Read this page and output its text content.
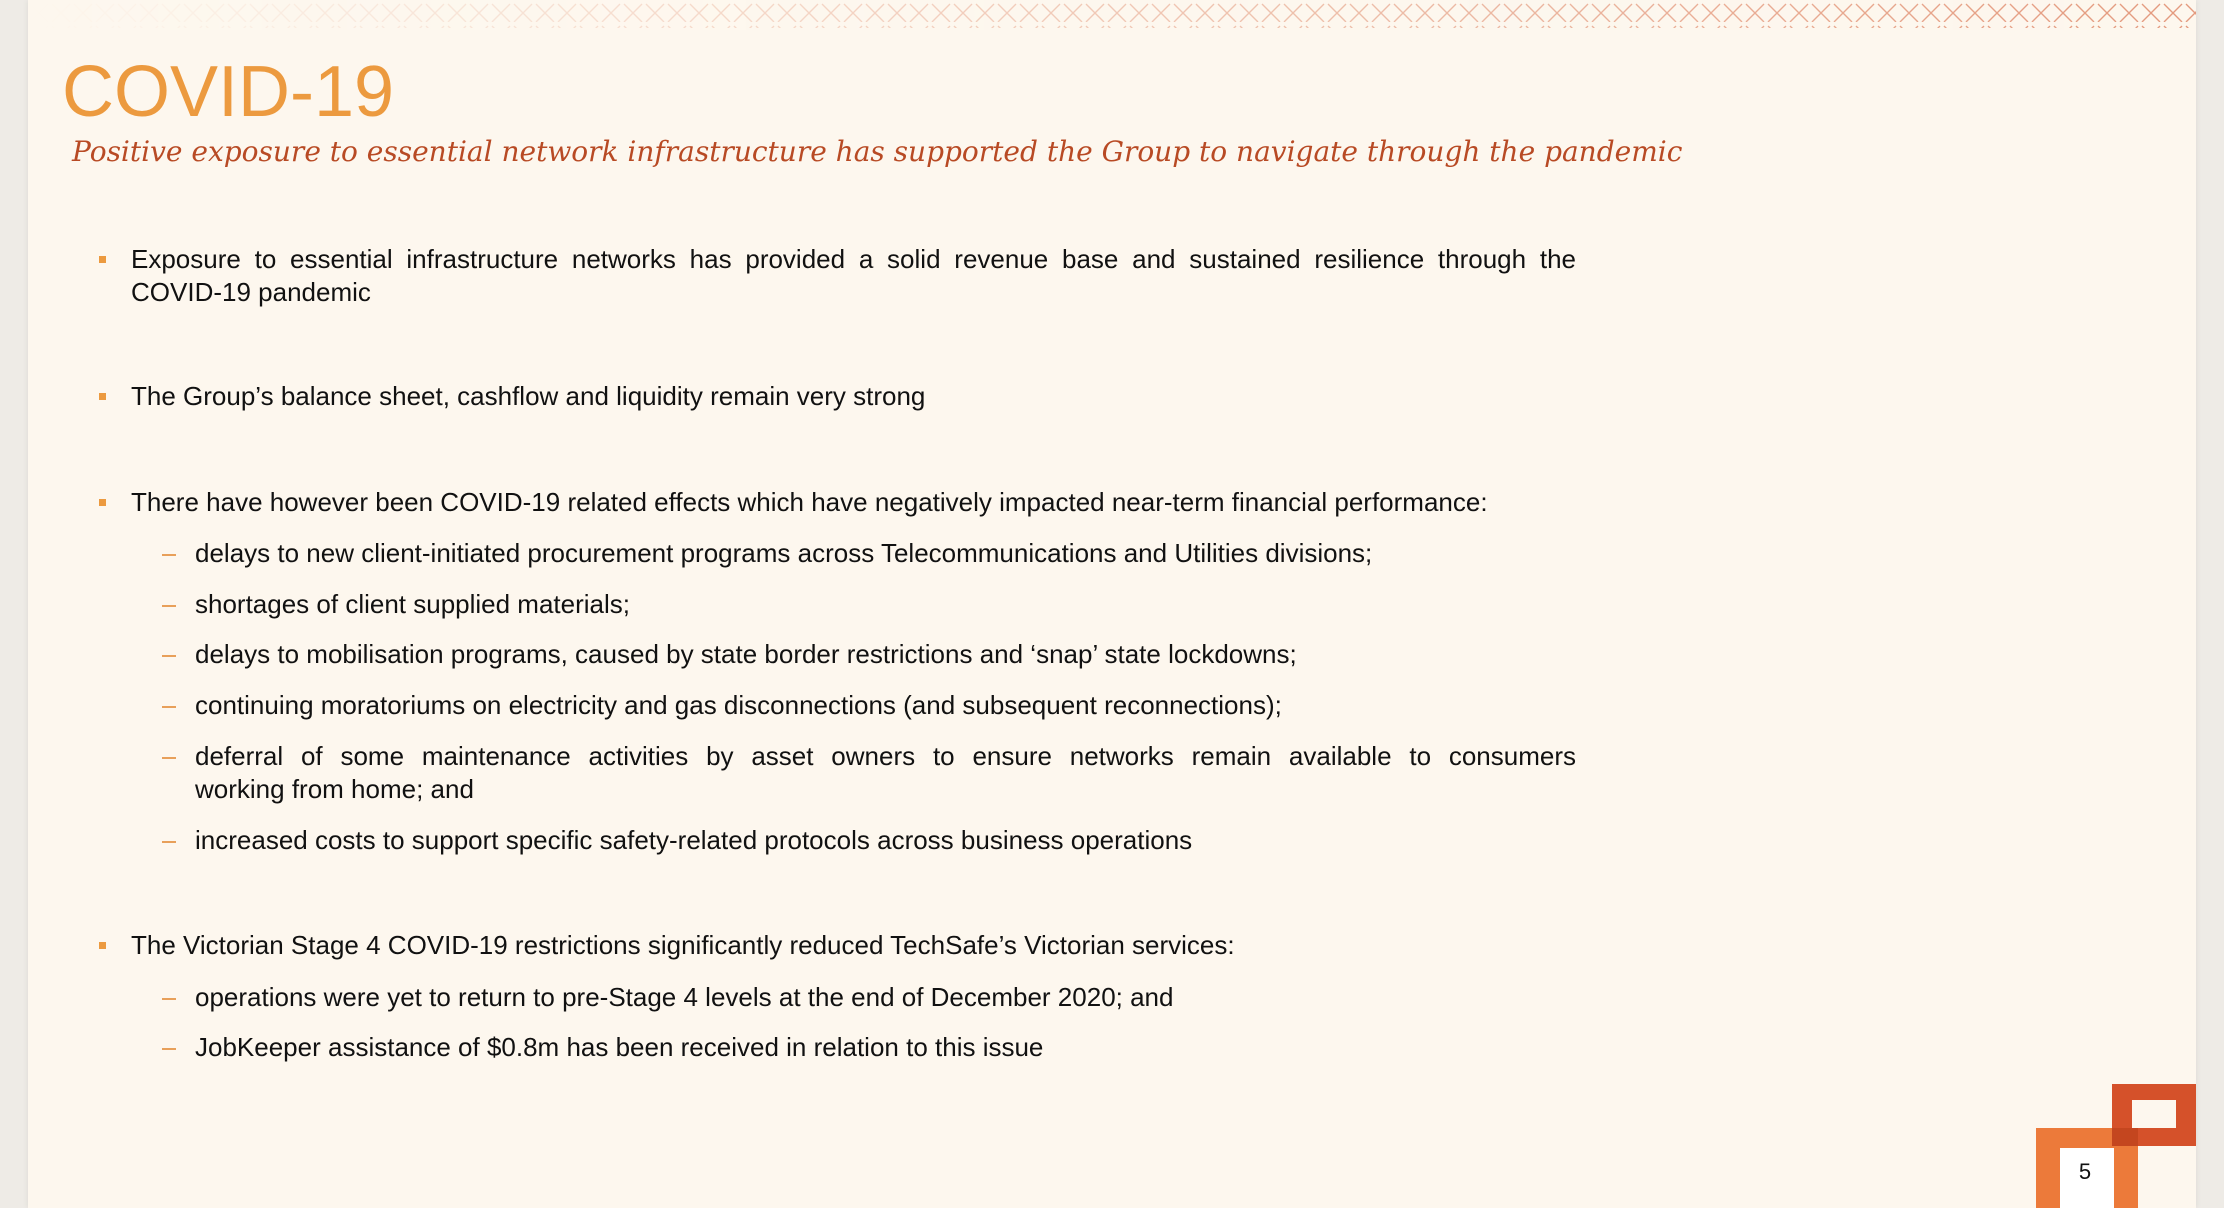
COVID-19

Positive exposure to essential network infrastructure has supported the Group to navigate through the pandemic

Exposure to essential infrastructure networks has provided a solid revenue base and sustained resilience through the
COVID-19 pandemic
The Group’s balance sheet, cashflow and liquidity remain very strong
There have however been COVID-19 related effects which have negatively impacted near-term financial performance:
delays to new client-initiated procurement programs across Telecommunications and Utilities divisions;
shortages of client supplied materials;
delays to mobilisation programs, caused by state border restrictions and ‘snap’ state lockdowns;
continuing moratoriums on electricity and gas disconnections (and subsequent reconnections);
deferral of some maintenance activities by asset owners to ensure networks remain available to consumers
working from home; and
increased costs to support specific safety-related protocols across business operations
The Victorian Stage 4 COVID-19 restrictions significantly reduced TechSafe’s Victorian services:
operations were yet to return to pre-Stage 4 levels at the end of December 2020; and
JobKeeper assistance of $0.8m has been received in relation to this issue
5
